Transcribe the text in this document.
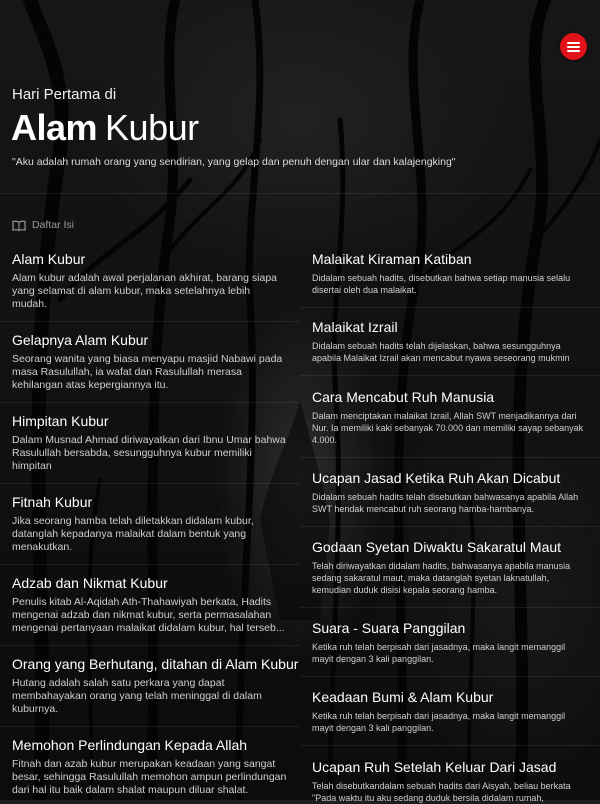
Hari Pertama di
Alam Kubur
"Aku adalah rumah orang yang sendirian, yang gelap dan penuh dengan ular dan kalajengking"
Daftar Isi
Alam Kubur
Alam kubur adalah awal perjalanan akhirat, barang siapa yang selamat di alam kubur, maka setelahnya lebih mudah.
Gelapnya Alam Kubur
Seorang wanita yang biasa menyapu masjid Nabawi pada masa Rasulullah, ia wafat dan Rasulullah merasa kehilangan atas kepergiannya itu.
Himpitan Kubur
Dalam Musnad Ahmad diriwayatkan dari Ibnu Umar bahwa Rasulullah bersabda, sesungguhnya kubur memiliki himpitan
Fitnah Kubur
Jika seorang hamba telah diletakkan didalam kubur, datanglah kepadanya malaikat dalam bentuk yang menakutkan.
Adzab dan Nikmat Kubur
Penulis kitab Al-Aqidah Ath-Thahawiyah berkata, Hadits mengenai adzab dan nikmat kubur, serta permasalahan mengenai pertanyaan malaikat didalam kubur, hal terseb...
Orang yang Berhutang, ditahan di Alam Kubur
Hutang adalah salah satu perkara yang dapat membahayakan orang yang telah meninggal di dalam kuburnya.
Memohon Perlindungan Kepada Allah
Fitnah dan azab kubur merupakan keadaan yang sangat besar, sehingga Rasulullah memohon ampun perlindungan dari hal itu baik dalam shalat maupun diluar shalat.
Malaikat Kiraman Katiban
Didalam sebuah hadits, disebutkan bahwa setiap manusia selalu disertai oleh dua malaikat.
Malaikat Izrail
Didalam sebuah hadits telah dijelaskan, bahwa sesungguhnya apabila Malaikat Izrail akan mencabut nyawa seseorang mukmin
Cara Mencabut Ruh Manusia
Dalam menciptakan malaikat Izrail, Allah SWT menjadikannya dari Nur. Ia memiliki kaki sebanyak 70.000 dan memiliki sayap sebanyak 4.000.
Ucapan Jasad Ketika Ruh Akan Dicabut
Didalam sebuah hadits telah disebutkan bahwasanya apabila Allah SWT hendak mencabut ruh seorang hamba-hambanya.
Godaan Syetan Diwaktu Sakaratul Maut
Telah diriwayatkan didalam hadits, bahwasanya apabila manusia sedang sakaratul maut, maka datanglah syetan laknatullah, kemudian duduk disisi kepala seorang hamba.
Suara - Suara Panggilan
Ketika ruh telah berpisah dari jasadnya, maka langit memanggil mayit dengan 3 kali panggilan.
Keadaan Bumi & Alam Kubur
Ketika ruh telah berpisah dari jasadnya, maka langit memanggil mayit dengan 3 kali panggilan.
Ucapan Ruh Setelah Keluar Dari Jasad
Telah disebutkandalam sebuah hadits dari Aisyah, beliau berkata "Pada waktu itu aku sedang duduk bersila didalam rumah,
